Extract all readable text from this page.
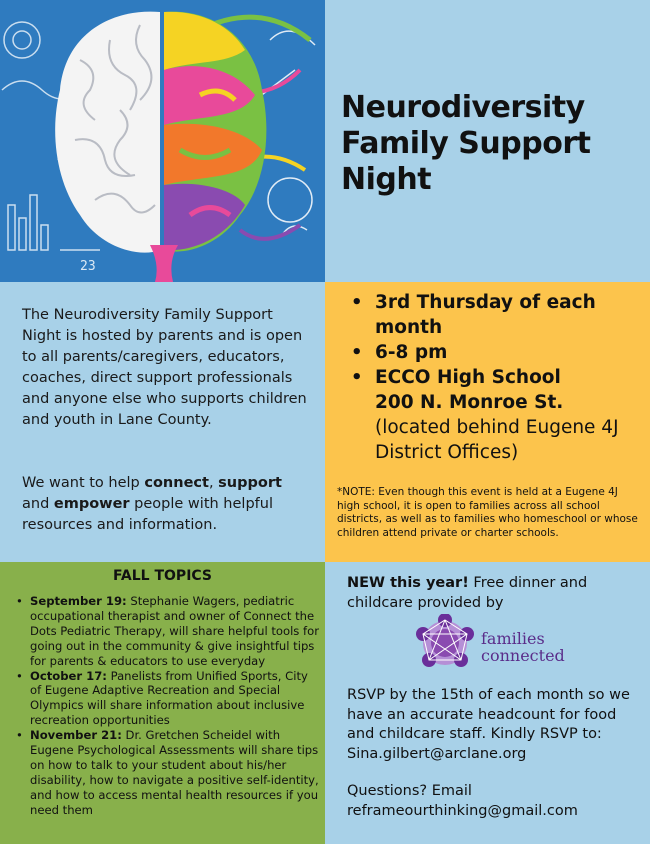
23
Neurodiversity Family Support Night

The Neurodiversity Family Support Night is hosted by parents and is open to all parents/caregivers, educators, coaches, direct support professionals and anyone else who supports children and youth in Lane County.

We want to help connect, support and empower people with helpful resources and information.

• 3rd Thursday of each month
• 6-8 pm
• ECCO High School
200 N. Monroe St.
(located behind Eugene 4J District Offices)

*NOTE: Even though this event is held at a Eugene 4J high school, it is open to families across all school districts, as well as to families who homeschool or whose children attend private or charter schools.

FALL TOPICS
• September 19: Stephanie Wagers, pediatric occupational therapist and owner of Connect the Dots Pediatric Therapy, will share helpful tools for going out in the community & give insightful tips for parents & educators to use everyday
• October 17: Panelists from Unified Sports, City of Eugene Adaptive Recreation and Special Olympics will share information about inclusive recreation opportunities
• November 21: Dr. Gretchen Scheidel with Eugene Psychological Assessments will share tips on how to talk to your student about his/her disability, how to navigate a positive self-identity, and how to access mental health resources if you need them

NEW this year! Free dinner and childcare provided by

families
connected

RSVP by the 15th of each month so we have an accurate headcount for food and childcare staff. Kindly RSVP to: Sina.gilbert@arclane.org

Questions? Email
reframeourthinking@gmail.com
